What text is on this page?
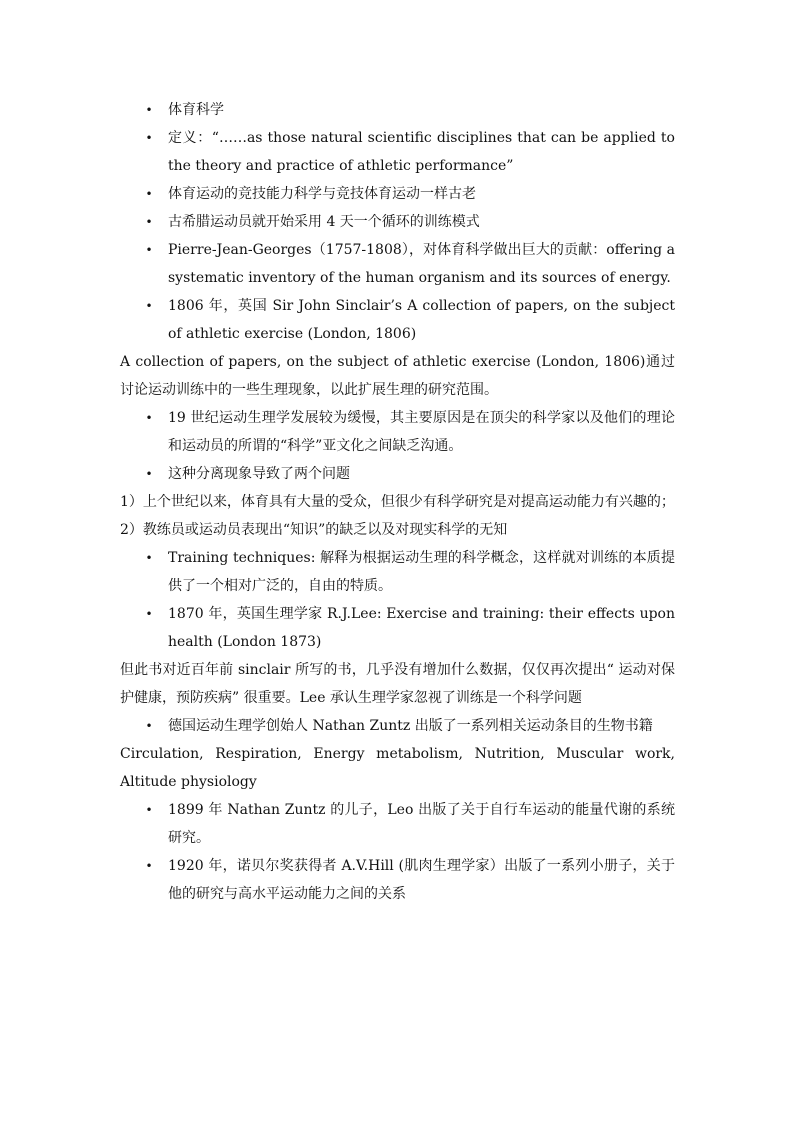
• 体育科学
• 定义：“……as those natural scientific disciplines that can be applied to the theory and practice of athletic performance”
• 体育运动的竞技能力科学与竞技体育运动一样古老
• 古希腊运动员就开始采用 4 天一个循环的训练模式
• Pierre-Jean-Georges（1757-1808），对体育科学做出巨大的贡献：offering a systematic inventory of the human organism and its sources of energy.
• 1806 年，英国 Sir John Sinclair’s A collection of papers, on the subject of athletic exercise (London, 1806)

A collection of papers, on the subject of athletic exercise (London, 1806)通过讨论运动训练中的一些生理现象，以此扩展生理的研究范围。

• 19 世纪运动生理学发展较为缓慢，其主要原因是在顶尖的科学家以及他们的理论和运动员的所谓的“科学”亚文化之间缺乏沟通。
• 这种分离现象导致了两个问题

1）上个世纪以来，体育具有大量的受众，但很少有科学研究是对提高运动能力有兴趣的；

2）教练员或运动员表现出“知识”的缺乏以及对现实科学的无知

• Training techniques: 解释为根据运动生理的科学概念，这样就对训练的本质提供了一个相对广泛的，自由的特质。
• 1870 年，英国生理学家 R.J.Lee: Exercise and training: their effects upon health (London 1873)

但此书对近百年前 sinclair 所写的书，几乎没有增加什么数据，仅仅再次提出“ 运动对保护健康，预防疾病” 很重要。Lee 承认生理学家忽视了训练是一个科学问题

• 德国运动生理学创始人 Nathan Zuntz 出版了一系列相关运动条目的生物书籍

Circulation, Respiration, Energy metabolism, Nutrition, Muscular work, Altitude physiology

• 1899 年 Nathan Zuntz 的儿子，Leo 出版了关于自行车运动的能量代谢的系统研究。
• 1920 年，诺贝尔奖获得者 A.V.Hill (肌肉生理学家）出版了一系列小册子，关于他的研究与高水平运动能力之间的关系
